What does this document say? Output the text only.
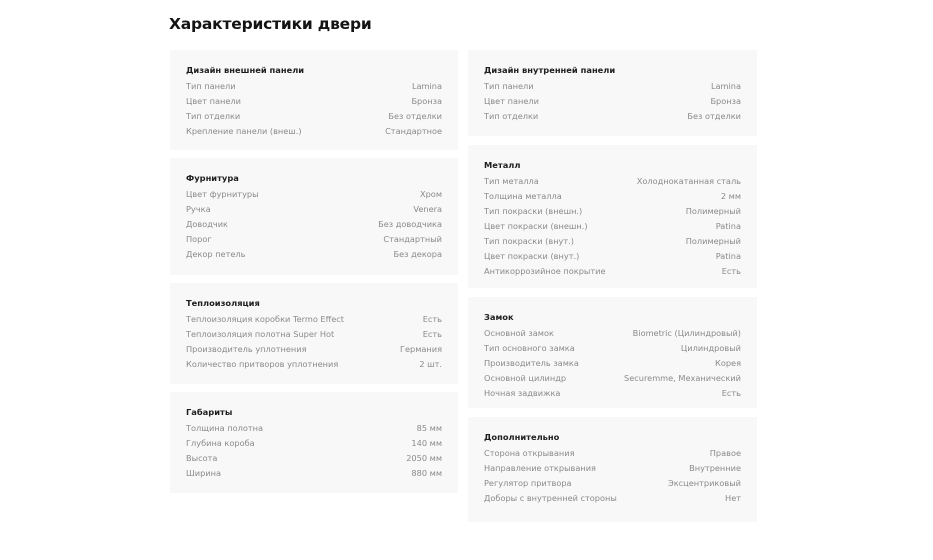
Характеристики двери
Дизайн внешней панели
Тип панели	Lamina
Цвет панели	Бронза
Тип отделки	Без отделки
Крепление панели (внеш.)	Стандартное
Фурнитура
Цвет фурнитуры	Хром
Ручка	Venera
Доводчик	Без доводчика
Порог	Стандартный
Декор петель	Без декора
Теплоизоляция
Теплоизоляция коробки Termo Effect	Есть
Теплоизоляция полотна Super Hot	Есть
Производитель уплотнения	Германия
Количество притворов уплотнения	2 шт.
Габариты
Толщина полотна	85 мм
Глубина короба	140 мм
Высота	2050 мм
Ширина	880 мм
Дизайн внутренней панели
Тип панели	Lamina
Цвет панели	Бронза
Тип отделки	Без отделки
Металл
Тип металла	Холоднокатанная сталь
Толщина металла	2 мм
Тип покраски (внешн.)	Полимерный
Цвет покраски (внешн.)	Patina
Тип покраски (внут.)	Полимерный
Цвет покраски (внут.)	Patina
Антикоррозийное покрытие	Есть
Замок
Основной замок	Biometric (Цилиндровый)
Тип основного замка	Цилиндровый
Производитель замка	Корея
Основной цилиндр	Securemme, Механический
Ночная задвижка	Есть
Дополнительно
Сторона открывания	Правое
Направление открывания	Внутренние
Регулятор притвора	Эксцентриковый
Доборы с внутренней стороны	Нет
